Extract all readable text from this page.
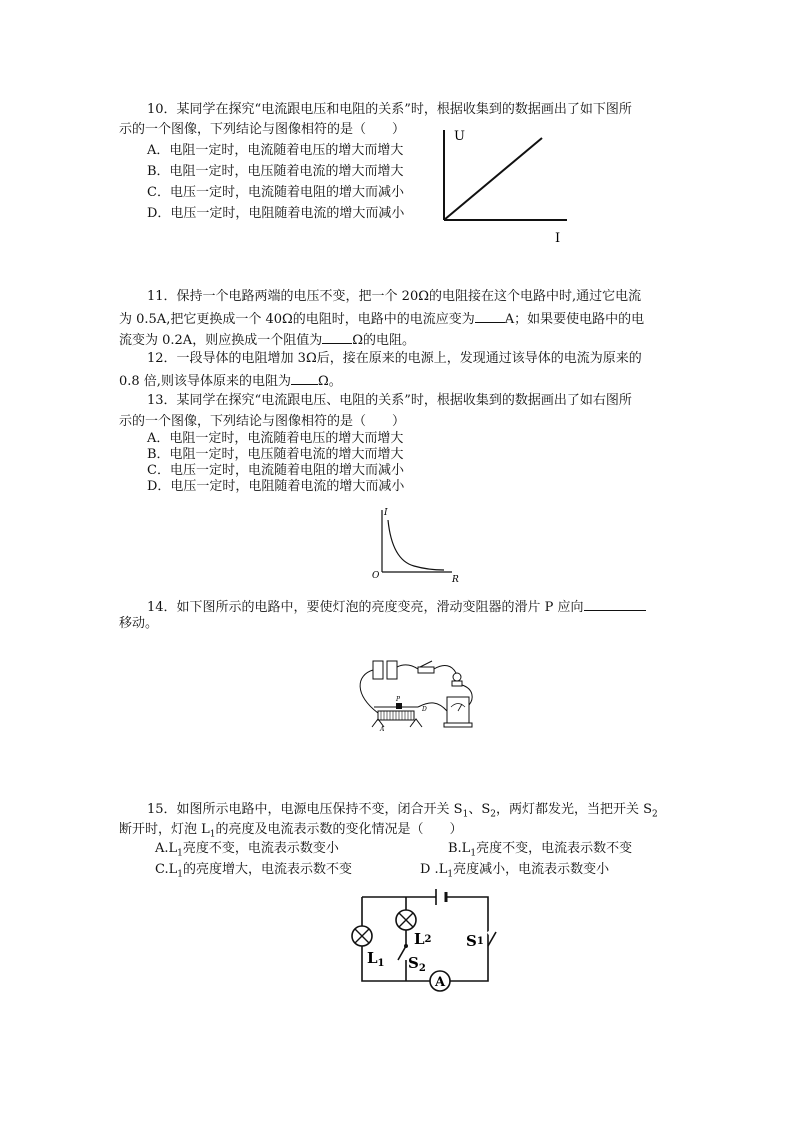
10．某同学在探究“电流跟电压和电阻的关系”时，根据收集到的数据画出了如下图所
示的一个图像，下列结论与图像相符的是（　　）
A．电阻一定时，电流随着电压的增大而增大
B．电阻一定时，电压随着电流的增大而增大
C．电压一定时，电流随着电阻的增大而减小
D．电压一定时，电阻随着电流的增大而减小
U
I
11．保持一个电路两端的电压不变，把一个 20Ω的电阻接在这个电路中时,通过它电流
为 0.5A,把它更换成一个 40Ω的电阻时，电路中的电流应变为 A；如果要使电路中的电
流变为 0.2A，则应换成一个阻值为 Ω的电阻。
12．一段导体的电阻增加 3Ω后，接在原来的电源上，发现通过该导体的电流为原来的
0.8 倍,则该导体原来的电阻为 Ω。
13．某同学在探究“电流跟电压、电阻的关系”时，根据收集到的数据画出了如右图所
示的一个图像，下列结论与图像相符的是（　　）
A．电阻一定时，电流随着电压的增大而增大
B．电阻一定时，电压随着电流的增大而增大
C．电压一定时，电流随着电阻的增大而减小
D．电压一定时，电阻随着电流的增大而减小
I
R
O
14．如下图所示的电路中，要使灯泡的亮度变亮，滑动变阻器的滑片 P 应向
移动。
P
A
D
15．如图所示电路中，电源电压保持不变，闭合开关 $S_1$、$S_2$，两灯都发光，当把开关 $S_2$
断开时，灯泡 $L_1$的亮度及电流表示数的变化情况是（　　）
$A.L_1$亮度不变，电流表示数变小	$B.L_1$亮度不变，电流表示数不变
$C.L_1$的亮度增大，电流表示数不变	D $.L_1$亮度减小，电流表示数变小
A
$L_1$
L2
$S_2$
S1
